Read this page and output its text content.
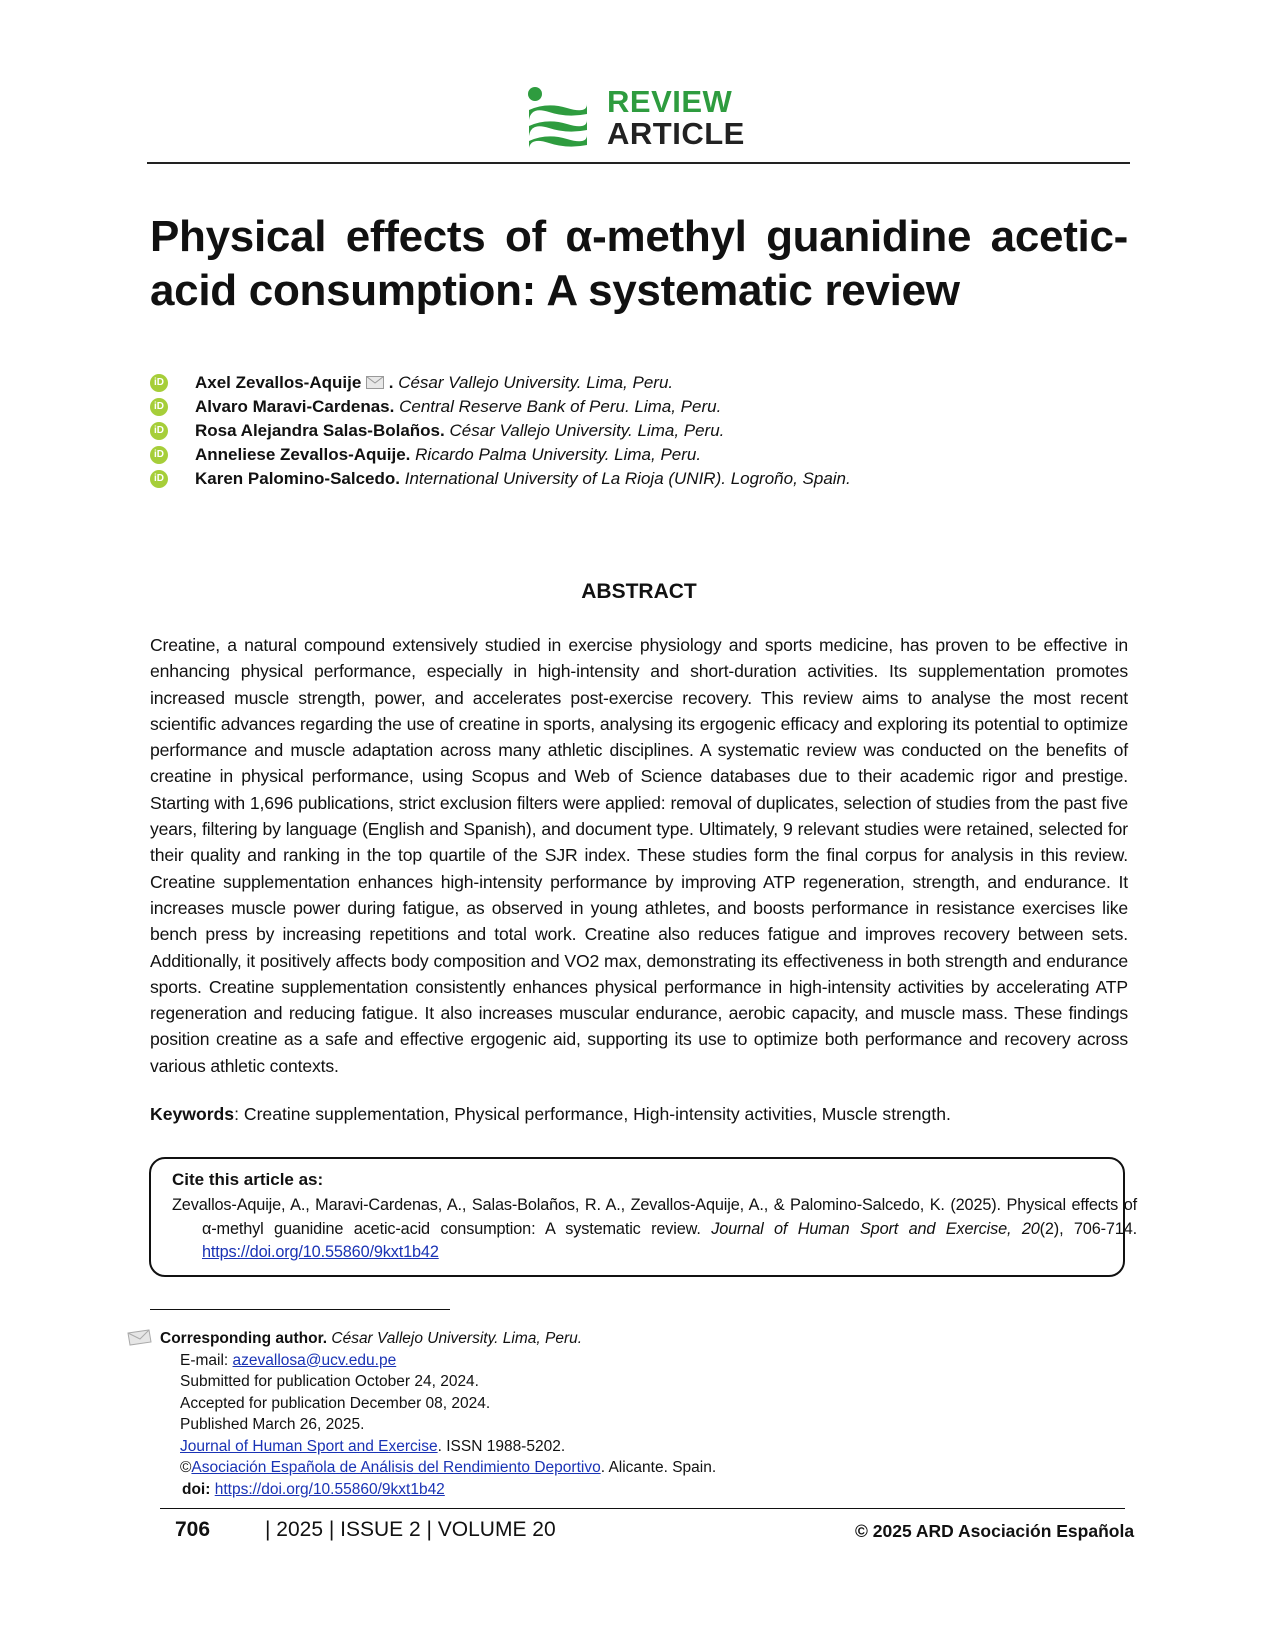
REVIEW
ARTICLE
Physical effects of α-methyl guanidine acetic-acid consumption: A systematic review
iD Axel Zevallos-Aquije  . César Vallejo University. Lima, Peru.
iD Alvaro Maravi-Cardenas. Central Reserve Bank of Peru. Lima, Peru.
iD Rosa Alejandra Salas-Bolaños. César Vallejo University. Lima, Peru.
iD Anneliese Zevallos-Aquije. Ricardo Palma University. Lima, Peru.
iD Karen Palomino-Salcedo. International University of La Rioja (UNIR). Logroño, Spain.
ABSTRACT
Creatine, a natural compound extensively studied in exercise physiology and sports medicine, has proven to be effective in enhancing physical performance, especially in high-intensity and short-duration activities. Its supplementation promotes increased muscle strength, power, and accelerates post-exercise recovery. This review aims to analyse the most recent scientific advances regarding the use of creatine in sports, analysing its ergogenic efficacy and exploring its potential to optimize performance and muscle adaptation across many athletic disciplines. A systematic review was conducted on the benefits of creatine in physical performance, using Scopus and Web of Science databases due to their academic rigor and prestige. Starting with 1,696 publications, strict exclusion filters were applied: removal of duplicates, selection of studies from the past five years, filtering by language (English and Spanish), and document type. Ultimately, 9 relevant studies were retained, selected for their quality and ranking in the top quartile of the SJR index. These studies form the final corpus for analysis in this review. Creatine supplementation enhances high-intensity performance by improving ATP regeneration, strength, and endurance. It increases muscle power during fatigue, as observed in young athletes, and boosts performance in resistance exercises like bench press by increasing repetitions and total work. Creatine also reduces fatigue and improves recovery between sets. Additionally, it positively affects body composition and VO2 max, demonstrating its effectiveness in both strength and endurance sports. Creatine supplementation consistently enhances physical performance in high-intensity activities by accelerating ATP regeneration and reducing fatigue. It also increases muscular endurance, aerobic capacity, and muscle mass. These findings position creatine as a safe and effective ergogenic aid, supporting its use to optimize both performance and recovery across various athletic contexts.
Keywords: Creatine supplementation, Physical performance, High-intensity activities, Muscle strength.
Cite this article as:
Zevallos-Aquije, A., Maravi-Cardenas, A., Salas-Bolaños, R. A., Zevallos-Aquije, A., & Palomino-Salcedo, K. (2025). Physical effects of α-methyl guanidine acetic-acid consumption: A systematic review. Journal of Human Sport and Exercise, 20(2), 706-714. https://doi.org/10.55860/9kxt1b42
Corresponding author. César Vallejo University. Lima, Peru.
E-mail: azevallosa@ucv.edu.pe
Submitted for publication October 24, 2024.
Accepted for publication December 08, 2024.
Published March 26, 2025.
Journal of Human Sport and Exercise. ISSN 1988-5202.
©Asociación Española de Análisis del Rendimiento Deportivo. Alicante. Spain.
doi: https://doi.org/10.55860/9kxt1b42
706	| 2025 | ISSUE 2 | VOLUME 20	© 2025 ARD Asociación Española
